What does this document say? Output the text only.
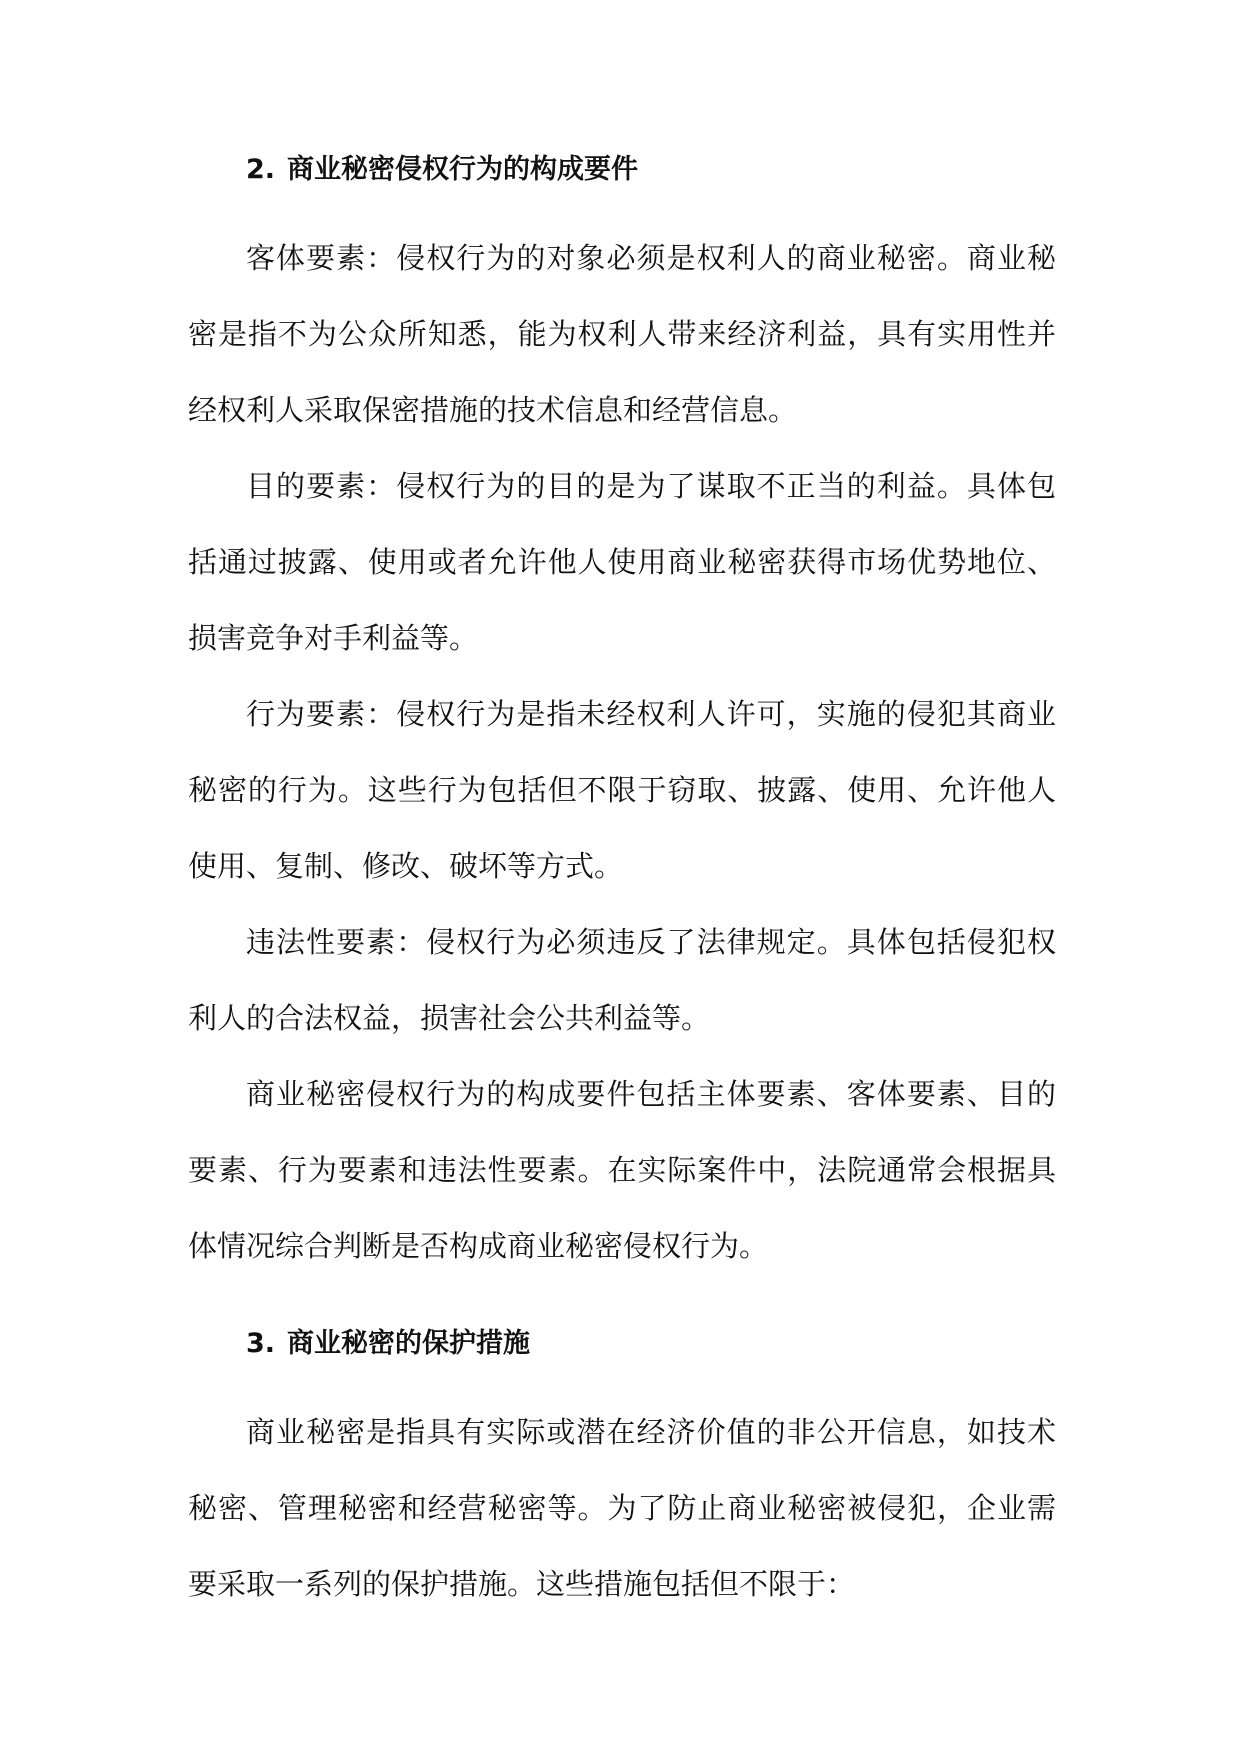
2. 商业秘密侵权行为的构成要件

客体要素：侵权行为的对象必须是权利人的商业秘密。商业秘密是指不为公众所知悉，能为权利人带来经济利益，具有实用性并经权利人采取保密措施的技术信息和经营信息。

目的要素：侵权行为的目的是为了谋取不正当的利益。具体包括通过披露、使用或者允许他人使用商业秘密获得市场优势地位、损害竞争对手利益等。

行为要素：侵权行为是指未经权利人许可，实施的侵犯其商业秘密的行为。这些行为包括但不限于窃取、披露、使用、允许他人使用、复制、修改、破坏等方式。

违法性要素：侵权行为必须违反了法律规定。具体包括侵犯权利人的合法权益，损害社会公共利益等。

商业秘密侵权行为的构成要件包括主体要素、客体要素、目的要素、行为要素和违法性要素。在实际案件中，法院通常会根据具体情况综合判断是否构成商业秘密侵权行为。

3. 商业秘密的保护措施

商业秘密是指具有实际或潜在经济价值的非公开信息，如技术秘密、管理秘密和经营秘密等。为了防止商业秘密被侵犯，企业需要采取一系列的保护措施。这些措施包括但不限于：
